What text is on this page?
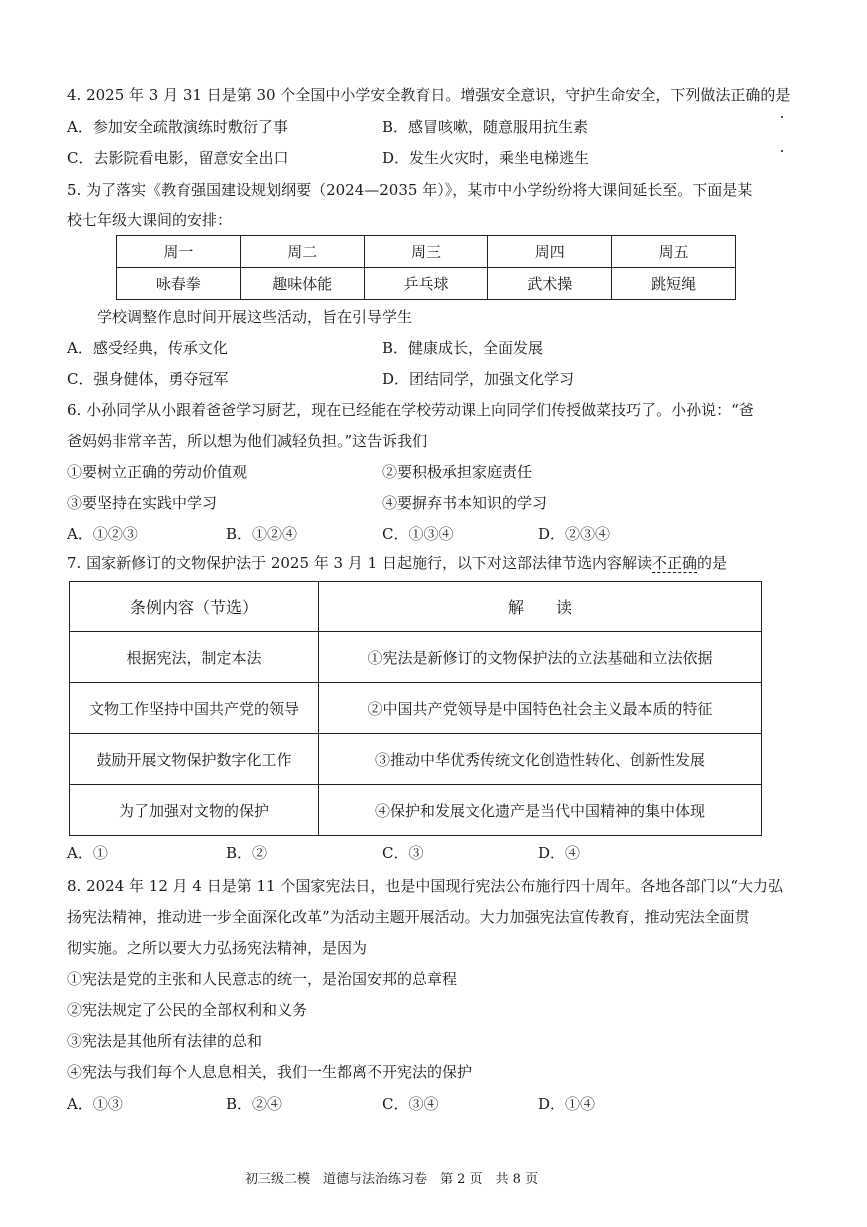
4. 2025 年 3 月 31 日是第 30 个全国中小学安全教育日。增强安全意识，守护生命安全，下列做法正确的是
A．参加安全疏散演练时敷衍了事	B．感冒咳嗽，随意服用抗生素
C．去影院看电影，留意安全出口	D．发生火灾时，乘坐电梯逃生
5. 为了落实《教育强国建设规划纲要（2024—2035 年）》，某市中小学纷纷将大课间延长至。下面是某
校七年级大课间的安排：
周一	周二	周三	周四	周五
咏春拳	趣味体能	乒乓球	武术操	跳短绳
学校调整作息时间开展这些活动，旨在引导学生
A．感受经典，传承文化	B．健康成长，全面发展
C．强身健体，勇夺冠军	D．团结同学，加强文化学习
6. 小孙同学从小跟着爸爸学习厨艺，现在已经能在学校劳动课上向同学们传授做菜技巧了。小孙说：“爸
爸妈妈非常辛苦，所以想为他们减轻负担。”这告诉我们
①要树立正确的劳动价值观	②要积极承担家庭责任
③要坚持在实践中学习	④要摒弃书本知识的学习
A．①②③	B．①②④	C．①③④	D．②③④
7. 国家新修订的文物保护法于 2025 年 3 月 1 日起施行，以下对这部法律节选内容解读不正确的是
条例内容（节选）	解　　读
根据宪法，制定本法	①宪法是新修订的文物保护法的立法基础和立法依据
文物工作坚持中国共产党的领导	②中国共产党领导是中国特色社会主义最本质的特征
鼓励开展文物保护数字化工作	③推动中华优秀传统文化创造性转化、创新性发展
为了加强对文物的保护	④保护和发展文化遗产是当代中国精神的集中体现
A．①	B．②	C．③	D．④
8. 2024 年 12 月 4 日是第 11 个国家宪法日，也是中国现行宪法公布施行四十周年。各地各部门以“大力弘
扬宪法精神，推动进一步全面深化改革”为活动主题开展活动。大力加强宪法宣传教育，推动宪法全面贯
彻实施。之所以要大力弘扬宪法精神，是因为
①宪法是党的主张和人民意志的统一，是治国安邦的总章程
②宪法规定了公民的全部权利和义务
③宪法是其他所有法律的总和
④宪法与我们每个人息息相关，我们一生都离不开宪法的保护
A．①③	B．②④	C．③④	D．①④
初三级二模　道德与法治练习卷　第 2 页　共 8 页
